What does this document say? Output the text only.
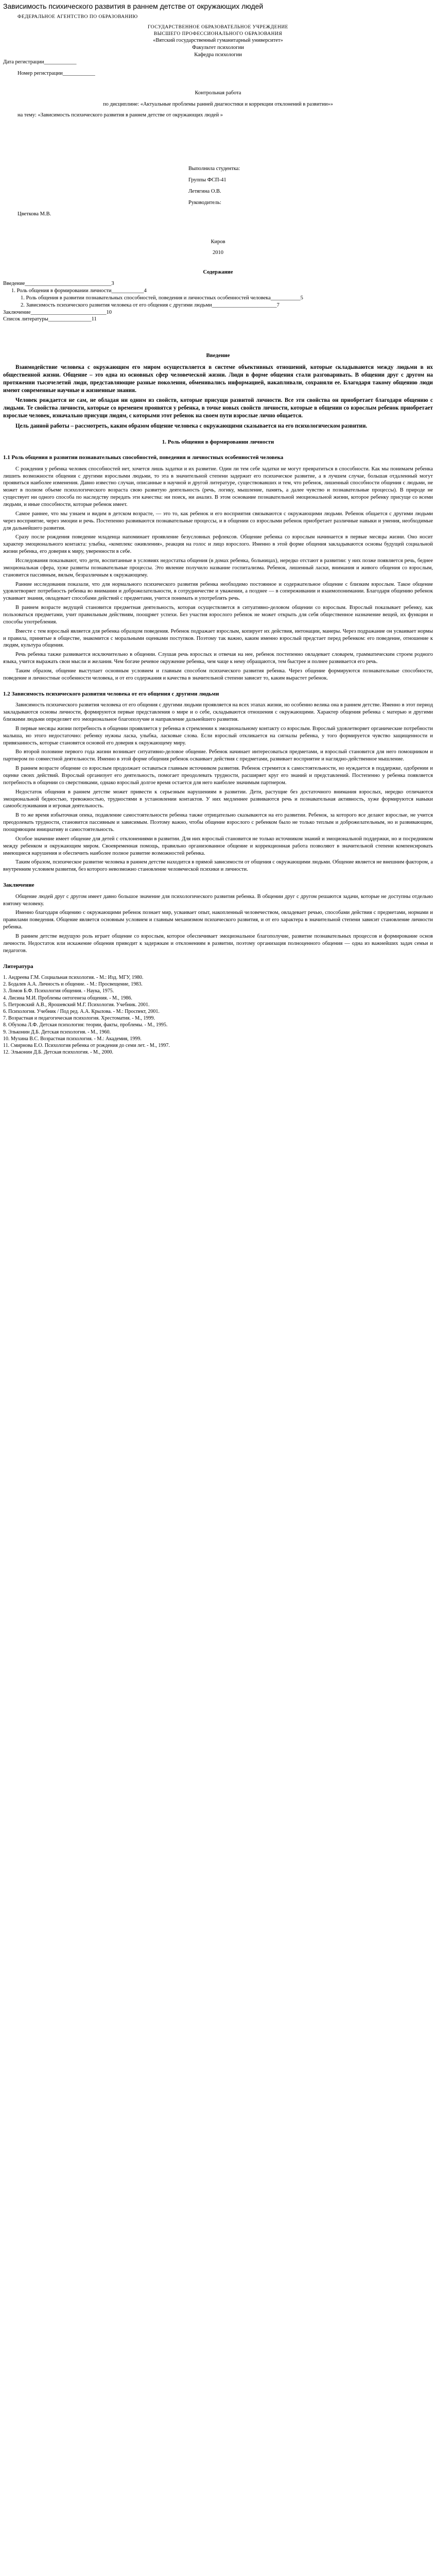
Зависимость психического развития в раннем детстве от окружающих людей

ФЕДЕРАЛЬНОЕ АГЕНТСТВО ПО ОБРАЗОВАНИЮ

ГОСУДАРСТВЕННОЕ ОБРАЗОВАТЕЛЬНОЕ УЧРЕЖДЕНИЕ

ВЫСШЕГО ПРОФЕССИОНАЛЬНОГО ОБРАЗОВАНИЯ

«Вятский государственный гуманитарный университет»

Факультет психологии

Кафедра психологии

Дата регистрации____________

Номер регистрации____________

Контрольная работа

по дисциплине: «Актуальные проблемы ранней диагностики и коррекции отклонений в развитии»»

на тему: «Зависимость психического развития в раннем детстве от окружающих людей »

Выполнила студентка:

Группы ФСП-41

Летягина О.В.

Руководитель:

Цветкова М.В.

Киров

2010

Содержание

Введение________________________________3

1. Роль общения в формировании личности____________4

1. Роль общения в развитии познавательных способностей, поведения и личностных особенностей человека___________5

2. Зависимость психического развития человека от его общения с другими людьми________________________7

Заключение____________________________10

Список литературы________________11

Введение

Взаимодействие человека с окружающим его миром осуществляется в системе объективных отношений, которые складываются между людьми в их общественной жизни. Общение – это одна из основных сфер человеческой жизни. Люди в форме общения стали разговаривать. В общении друг с другом на протяжении тысячелетий люди, представляющие разные поколения, обменивались информацией, накапливали, сохраняли ее. Благодаря такому общению люди имеют современные научные и жизненные знания.

Человек рождается не сам, не обладая ни одним из свойств, которые присущи развитой личности. Все эти свойства он приобретает благодаря общению с людьми. Те свойства личности, которые со временем проявятся у ребенка, в точке новых свойств личности, которые в общении со взрослым ребенок приобретает взрослые человек, изначально присущи людям, с которыми этот ребенок на своем пути взрослые лично общается.

Цель данной работы – рассмотреть, каким образом общение человека с окружающими сказывается на его психологическом развитии.

1. Роль общения в формировании личности
1.1 Роль общения в развитии познавательных способностей, поведения и личностных особенностей человека

С рождения у ребенка человек способностей нет, хочется лишь задатки и их развитие. Один ли тем себе задатки не могут превратиться в способности. Как мы понимаем ребенка лишить возможности общения с другими взрослыми людьми, то эта в значительной степени задержит его психическое развитие, а в лучшем случае, большая отдаленный могут проявиться наиболее изменения. Давно известно случаи, описанные в научной и другой литературе, существовавших и тем, что ребенок, лишенный способности общения с людьми, не может в полном объеме психологического возраста свою развитую деятельность (речь, логику, мышление, память, а далее чувство и познавательные процессы). В природе не существует ни одного способа по наследству передать эти качества: ни поиск, ни анализ. В этом основание познавательной эмоциональной жизни, которое ребенку присуще со всеми людьми, и иные способности, которые ребенок имеет.

Самое раннее, что мы узнаем и видим в детском возрасте, — это то, как ребенок и его восприятия связываются с окружающими людьми. Ребенок общается с другими людьми через восприятие, через эмоции и речь. Постепенно развиваются познавательные процессы, и в общении со взрослыми ребенок приобретает различные навыки и умения, необходимые для дальнейшего развития.

Сразу после рождения поведение младенца напоминает проявление безусловных рефлексов. Общение ребенка со взрослым начинается в первые месяцы жизни. Оно носит характер эмоционального контакта: улыбка, «комплекс оживления», реакция на голос и лицо взрослого. Именно в этой форме общения закладываются основы будущей социальной жизни ребенка, его доверия к миру, уверенности в себе.

Исследования показывают, что дети, воспитанные в условиях недостатка общения (в домах ребенка, больницах), нередко отстают в развитии: у них позже появляется речь, беднее эмоциональная сфера, хуже развиты познавательные процессы. Это явление получило название госпитализма. Ребенок, лишенный ласки, внимания и живого общения со взрослым, становится пассивным, вялым, безразличным к окружающему.

Ранние исследования показали, что для нормального психического развития ребенка необходимо постоянное и содержательное общение с близким взрослым. Такое общение удовлетворяет потребность ребенка во внимании и доброжелательности, в сотрудничестве и уважении, а позднее — в сопереживании и взаимопонимании. Благодаря общению ребенок усваивает знания, овладевает способами действий с предметами, учится понимать и употреблять речь.

В раннем возрасте ведущей становится предметная деятельность, которая осуществляется в ситуативно-деловом общении со взрослым. Взрослый показывает ребенку, как пользоваться предметами, учит правильным действиям, поощряет успехи. Без участия взрослого ребенок не может открыть для себя общественное назначение вещей, их функции и способы употребления.

Вместе с тем взрослый является для ребенка образцом поведения. Ребенок подражает взрослым, копирует их действия, интонации, манеры. Через подражание он усваивает нормы и правила, принятые в обществе, знакомится с моральными оценками поступков. Поэтому так важно, каким именно взрослый предстает перед ребенком: его поведение, отношение к людям, культура общения.

Речь ребенка также развивается исключительно в общении. Слушая речь взрослых и отвечая на нее, ребенок постепенно овладевает словарем, грамматическим строем родного языка, учится выражать свои мысли и желания. Чем богаче речевое окружение ребенка, чем чаще к нему обращаются, тем быстрее и полнее развивается его речь.

Таким образом, общение выступает основным условием и главным способом психического развития ребенка. Через общение формируются познавательные способности, поведение и личностные особенности человека, и от его содержания и качества в значительной степени зависит то, каким вырастет ребенок.

1.2 Зависимость психического развития человека от его общения с другими людьми

Зависимость психического развития человека от его общения с другими людьми проявляется на всех этапах жизни, но особенно велика она в раннем детстве. Именно в этот период закладываются основы личности, формируются первые представления о мире и о себе, складываются отношения с окружающими. Характер общения ребенка с матерью и другими близкими людьми определяет его эмоциональное благополучие и направление дальнейшего развития.

В первые месяцы жизни потребность в общении проявляется у ребенка в стремлении к эмоциональному контакту со взрослым. Взрослый удовлетворяет органические потребности малыша, но этого недостаточно: ребенку нужны ласка, улыбка, ласковые слова. Если взрослый откликается на сигналы ребенка, у того формируется чувство защищенности и привязанность, которые становятся основой его доверия к окружающему миру.

Во второй половине первого года жизни возникает ситуативно-деловое общение. Ребенок начинает интересоваться предметами, и взрослый становится для него помощником и партнером по совместной деятельности. Именно в этой форме общения ребенок осваивает действия с предметами, развивает восприятие и наглядно-действенное мышление.

В раннем возрасте общение со взрослым продолжает оставаться главным источником развития. Ребенок стремится к самостоятельности, но нуждается в поддержке, одобрении и оценке своих действий. Взрослый организует его деятельность, помогает преодолевать трудности, расширяет круг его знаний и представлений. Постепенно у ребенка появляется потребность в общении со сверстниками, однако взрослый долгое время остается для него наиболее значимым партнером.

Недостаток общения в раннем детстве может привести к серьезным нарушениям в развитии. Дети, растущие без достаточного внимания взрослых, нередко отличаются эмоциональной бедностью, тревожностью, трудностями в установлении контактов. У них медленнее развиваются речь и познавательная активность, хуже формируются навыки самообслуживания и игровая деятельность.

В то же время избыточная опека, подавление самостоятельности ребенка также отрицательно сказываются на его развитии. Ребенок, за которого все делают взрослые, не учится преодолевать трудности, становится пассивным и зависимым. Поэтому важно, чтобы общение взрослого с ребенком было не только теплым и доброжелательным, но и развивающим, поощряющим инициативу и самостоятельность.

Особое значение имеет общение для детей с отклонениями в развитии. Для них взрослый становится не только источником знаний и эмоциональной поддержки, но и посредником между ребенком и окружающим миром. Своевременная помощь, правильно организованное общение и коррекционная работа позволяют в значительной степени компенсировать имеющиеся нарушения и обеспечить наиболее полное развитие возможностей ребенка.

Таким образом, психическое развитие человека в раннем детстве находится в прямой зависимости от общения с окружающими людьми. Общение является не внешним фактором, а внутренним условием развития, без которого невозможно становление человеческой психики и личности.

Заключение

Общение людей друг с другом имеет давно большое значение для психологического развития ребенка. В общении друг с другом решаются задачи, которые не доступны отдельно взятому человеку.

Именно благодаря общению с окружающими ребенок познает мир, усваивает опыт, накопленный человечеством, овладевает речью, способами действия с предметами, нормами и правилами поведения. Общение является основным условием и главным механизмом психического развития, и от его характера в значительной степени зависит становление личности ребенка.

В раннем детстве ведущую роль играет общение со взрослым, которое обеспечивает эмоциональное благополучие, развитие познавательных процессов и формирование основ личности. Недостаток или искажение общения приводит к задержкам и отклонениям в развитии, поэтому организация полноценного общения — одна из важнейших задач семьи и педагогов.

Литература

1. Андреева Г.М. Социальная психология. - М.: Изд. МГУ, 1980.

2. Бодалев А.А. Личность и общение. - М.: Просвещение, 1983.

3. Ломов Б.Ф. Психология общения. - Наука, 1975.

4. Лисина М.И. Проблемы онтогенеза общения. - М., 1986.

5. Петровский А.В., Ярошевский М.Г. Психология. Учебник. 2001.

6. Психология. Учебник / Под ред. А.А. Крылова. - М.: Проспект, 2001.

7. Возрастная и педагогическая психология. Хрестоматия. - М., 1999.

8. Обухова Л.Ф. Детская психология: теории, факты, проблемы. - М., 1995.

9. Эльконин Д.Б. Детская психология. - М., 1960.

10. Мухина В.С. Возрастная психология. - М.: Академия, 1999.

11. Смирнова Е.О. Психология ребенка от рождения до семи лет. - М., 1997.

12. Эльконин Д.Б. Детская психология. - М., 2000.
